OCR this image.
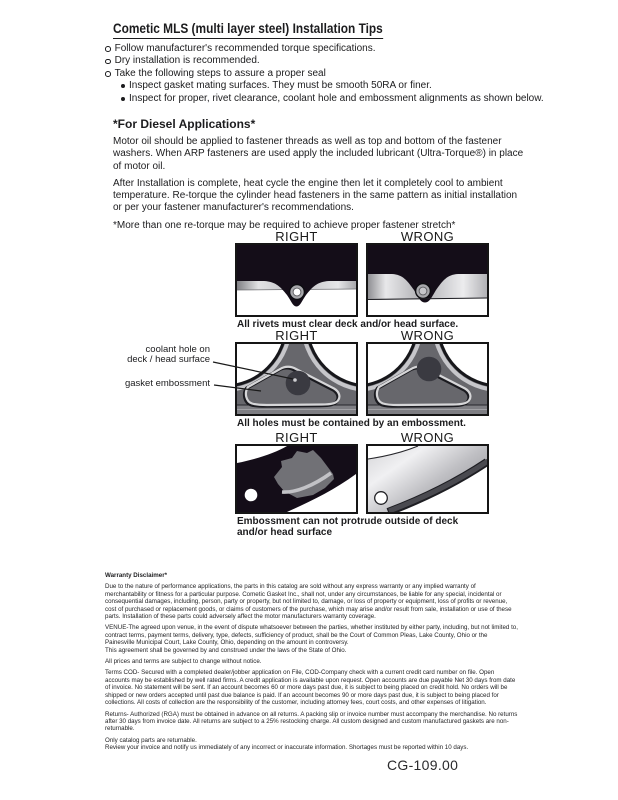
Cometic MLS (multi layer steel) Installation Tips
Follow manufacturer's recommended torque specifications.
Dry installation is recommended.
Take the following steps to assure a proper seal
Inspect gasket mating surfaces. They must be smooth 50RA or finer.
Inspect for proper, rivet clearance, coolant hole and embossment alignments as shown below.
*For Diesel Applications*

Motor oil should be applied to fastener threads as well as top and bottom of the fastener washers. When ARP fasteners are used apply the included lubricant (Ultra-Torque®) in place of motor oil.

After Installation is complete, heat cycle the engine then let it completely cool to ambient temperature. Re-torque the cylinder head fasteners in the same pattern as initial installation or per your fastener manufacturer's recommendations.

*More than one re-torque may be required to achieve proper fastener stretch*
RIGHT	WRONG
All rivets must clear deck and/or head surface.
RIGHT	WRONG
coolant hole on
deck / head surface
gasket embossment
All holes must be contained by an embossment.
RIGHT	WRONG
Embossment can not protrude outside of deck
and/or head surface
Warranty Disclaimer*

Due to the nature of performance applications, the parts in this catalog are sold without any express warranty or any implied warranty of merchantability or fitness for a particular purpose. Cometic Gasket Inc., shall not, under any circumstances, be liable for any special, incidental or consequential damages, including, person, party or property, but not limited to, damage, or loss of property or equipment, loss of profits or revenue, cost of purchased or replacement goods, or claims of customers of the purchase, which may arise and/or result from sale, installation or use of these parts. Installation of these parts could adversely affect the motor manufacturers warranty coverage.

VENUE-The agreed upon venue, in the event of dispute whatsoever between the parties, whether instituted by either party, including, but not limited to, contract terms, payment terms, delivery, type, defects, sufficiency of product, shall be the Court of Common Pleas, Lake County, Ohio or the Painesville Municipal Court, Lake County, Ohio, depending on the amount in controversy.

This agreement shall be governed by and construed under the laws of the State of Ohio.

All prices and terms are subject to change without notice.

Terms COD- Secured with a completed dealer/jobber application on File, COD-Company check with a current credit card number on file. Open accounts may be established by well rated firms. A credit application is available upon request. Open accounts are due payable Net 30 days from date of invoice. No statement will be sent. If an account becomes 60 or more days past due, it is subject to being placed on credit hold. No orders will be shipped or new orders accepted until past due balance is paid. If an account becomes 90 or more days past due, it is subject to being placed for collections. All costs of collection are the responsibility of the customer, including attorney fees, court costs, and other expenses of litigation.

Returns- Authorized (RGA) must be obtained in advance on all returns. A packing slip or invoice number must accompany the merchandise. No returns after 30 days from invoice date. All returns are subject to a 25% restocking charge. All custom designed and custom manufactured gaskets are non-returnable.

Only catalog parts are returnable.

Review your invoice and notify us immediately of any incorrect or inaccurate information. Shortages must be reported within 10 days.

CG-109.00
